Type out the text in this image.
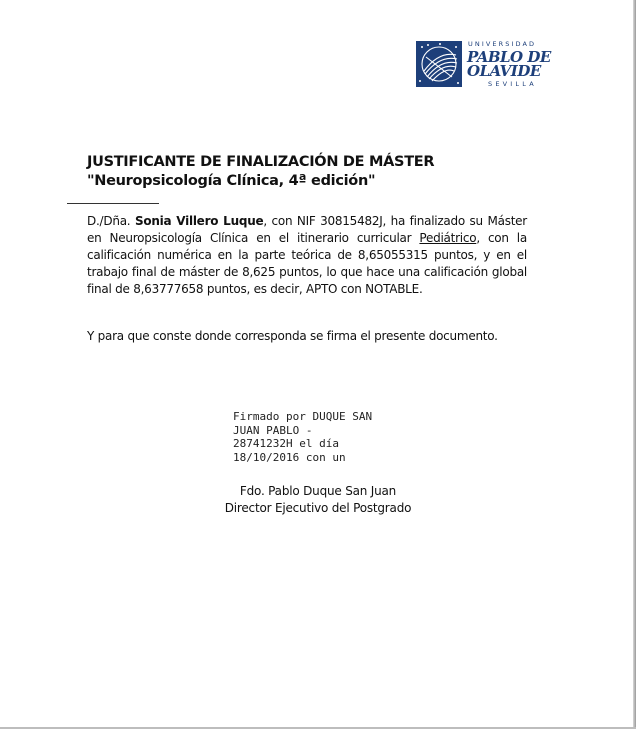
UNIVERSIDAD
PABLO DE
OLAVIDE
SEVILLA
JUSTIFICANTE DE FINALIZACIÓN DE MÁSTER
"Neuropsicología Clínica, 4ª edición"
D./Dña. Sonia Villero Luque, con NIF 30815482J, ha finalizado su Máster en Neuropsicología Clínica en el itinerario curricular Pediátrico, con la calificación numérica en la parte teórica de 8,65055315 puntos, y en el trabajo final de máster de 8,625 puntos, lo que hace una calificación global final de 8,63777658 puntos, es decir, APTO con NOTABLE.
Y para que conste donde corresponda se firma el presente documento.
Firmado por DUQUE SAN
JUAN PABLO -
28741232H el día
18/10/2016 con un
Fdo. Pablo Duque San Juan
Director Ejecutivo del Postgrado
